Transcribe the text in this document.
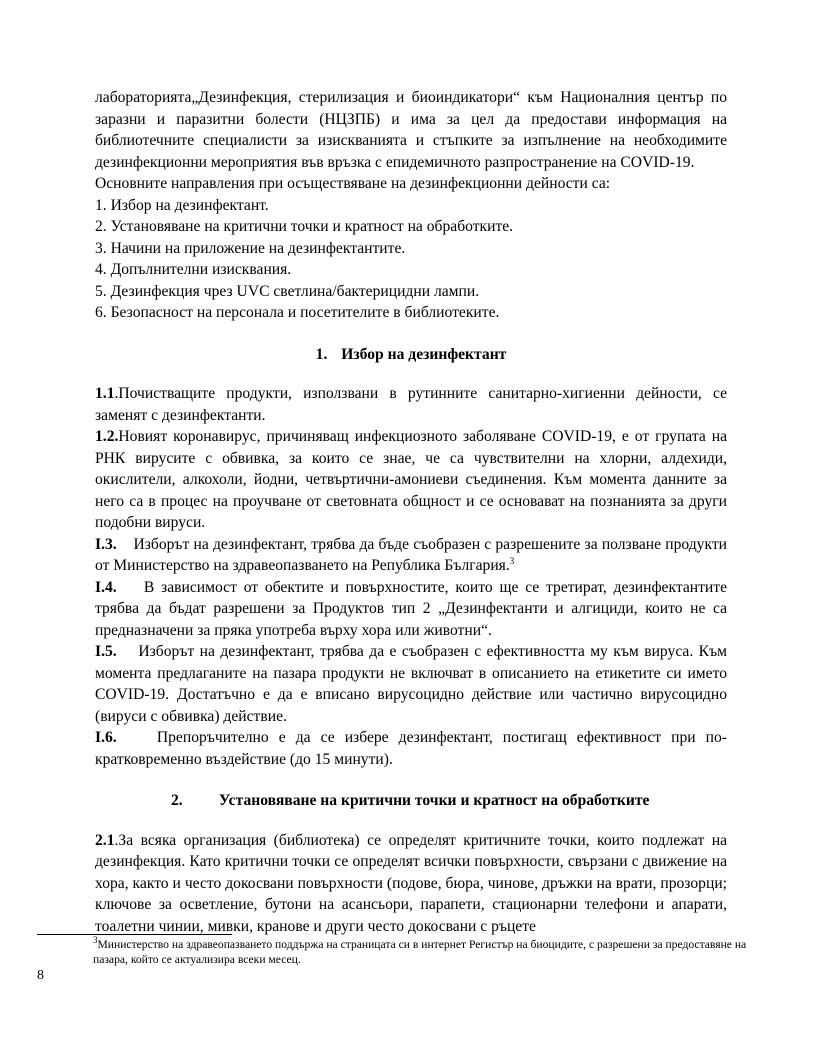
лабораторията„Дезинфекция, стерилизация и биоиндикатори“ към Националния център по заразни и паразитни болести (НЦЗПБ) и има за цел да предостави информация на библиотечните специалисти за изискванията и стъпките за изпълнение на необходимите дезинфекционни мероприятия във връзка с епидемичното разпространение на COVID-19.

Основните направления при осъществяване на дезинфекционни дейности са:

1. Избор на дезинфектант.
2. Установяване на критични точки и кратност на обработките.
3. Начини на приложение на дезинфектантите.
4. Допълнителни изисквания.
5. Дезинфекция чрез UVC светлина/бактерицидни лампи.
6. Безопасност на персонала и посетителите в библиотеките.
1. Избор на дезинфектант

1.1.Почистващите продукти, използвани в рутинните санитарно-хигиенни дейности, се заменят с дезинфектанти.

1.2.Новият коронавирус, причиняващ инфекциозното заболяване COVID-19, е от групата на РНК вирусите с обвивка, за които се знае, че са чувствителни на хлорни, алдехиди, окислители, алкохоли, йодни, четвъртични-амониеви съединения. Към момента данните за него са в процес на проучване от световната общност и се основават на познанията за други подобни вируси.

I.3. Изборът на дезинфектант, трябва да бъде съобразен с разрешените за ползване продукти от Министерство на здравеопазването на Република България.$^3$

I.4. В зависимост от обектите и повърхностите, които ще се третират, дезинфектантите трябва да бъдат разрешени за Продуктов тип 2 „Дезинфектанти и алгициди, които не са предназначени за пряка употреба върху хора или животни“.

I.5. Изборът на дезинфектант, трябва да е съобразен с ефективността му към вируса. Към момента предлаганите на пазара продукти не включват в описанието на етикетите си името COVID-19. Достатъчно е да е вписано вирусоцидно действие или частично вирусоцидно (вируси с обвивка) действие.

I.6.	Препоръчително е да се избере дезинфектант, постигащ ефективност при по-кратковременно въздействие (до 15 минути).

2. Установяване на критични точки и кратност на обработките

2.1.За всяка организация (библиотека) се определят критичните точки, които подлежат на дезинфекция. Като критични точки се определят всички повърхности, свързани с движение на хора, както и често докосвани повърхности (подове, бюра, чинове, дръжки на врати, прозорци; ключове за осветление, бутони на асансьори, парапети, стационарни телефони и апарати, тоалетни чинии, мивки, кранове и други често докосвани с ръцете

$^3$Министерство на здравеопазването поддържа на страницата си в интернет Регистър на биоцидите, с разрешени за предоставяне на пазара, който се актуализира всеки месец.
8
